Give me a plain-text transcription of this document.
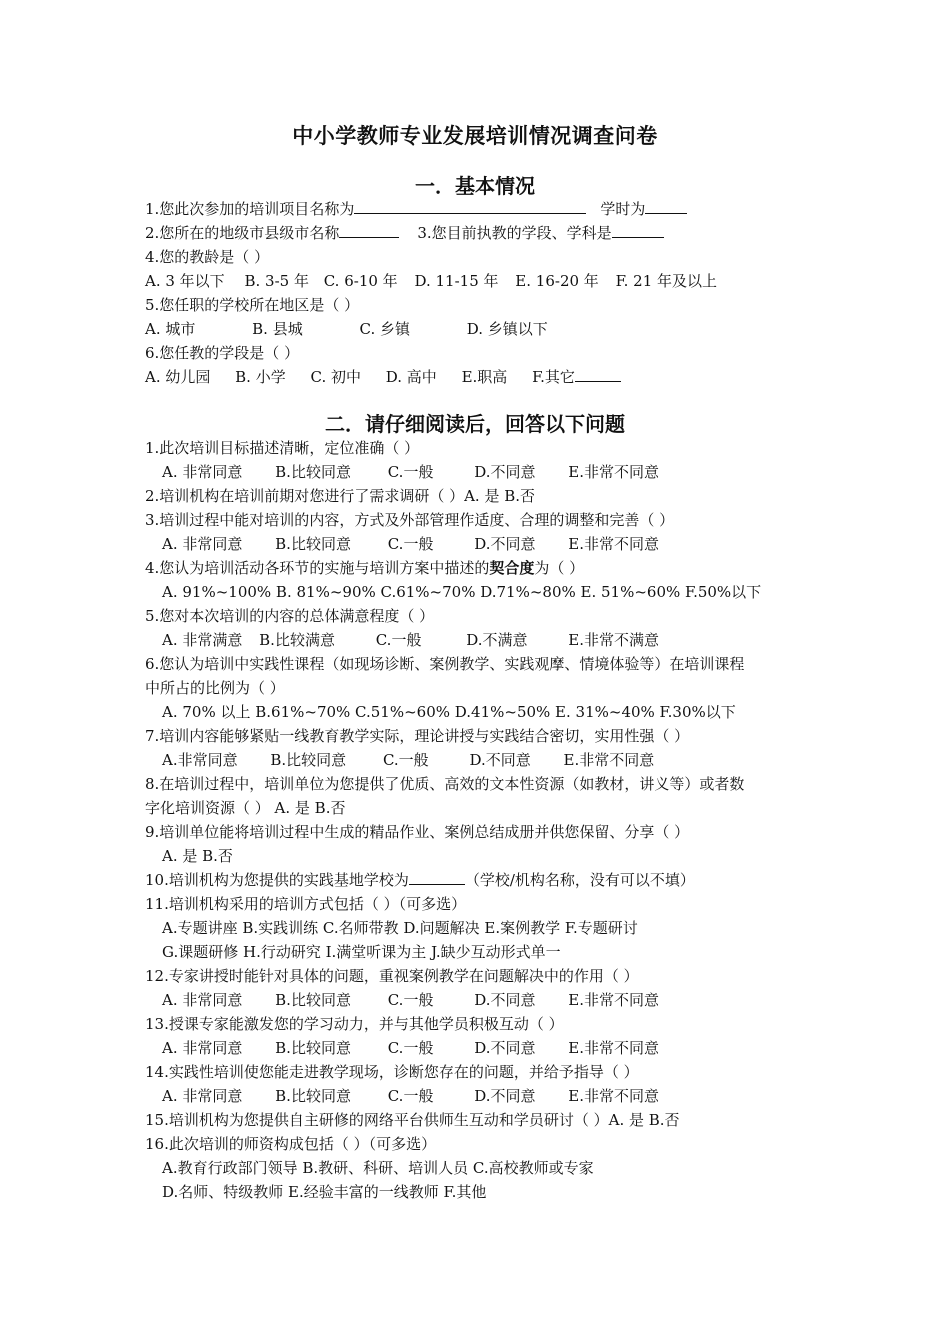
中小学教师专业发展培训情况调查问卷
一．基本情况
1.您此次参加的培训项目名称为	学时为
2.您所在的地级市县级市名称	3.您目前执教的学段、学科是
4.您的教龄是（ ）
A. 3 年以下 B. 3-5 年 C. 6-10 年 D. 11-15 年 E. 16-20 年 F. 21 年及以上
5.您任职的学校所在地区是（ ）
A. 城市	B. 县城	C. 乡镇	D. 乡镇以下
6.您任教的学段是（ ）
A. 幼儿园 B. 小学 C. 初中 D. 高中 E.职高 F.其它
二．请仔细阅读后，回答以下问题
1.此次培训目标描述清晰，定位准确（ ）
A. 非常同意 B.比较同意 C.一般	D.不同意 E.非常不同意
2.培训机构在培训前期对您进行了需求调研（ ）A. 是 B.否
3.培训过程中能对培训的内容，方式及外部管理作适度、合理的调整和完善（ ）
A. 非常同意 B.比较同意 C.一般	D.不同意 E.非常不同意
4.您认为培训活动各环节的实施与培训方案中描述的契合度为（ ）
A. 91%~100% B. 81%~90% C.61%~70% D.71%~80% E. 51%~60% F.50%以下
5.您对本次培训的内容的总体满意程度（ ）
A. 非常满意 B.比较满意	C.一般	D.不满意	E.非常不满意
6.您认为培训中实践性课程（如现场诊断、案例教学、实践观摩、情境体验等）在培训课程
中所占的比例为（ ）
A. 70% 以上 B.61%~70% C.51%~60% D.41%~50% E. 31%~40% F.30%以下
7.培训内容能够紧贴一线教育教学实际，理论讲授与实践结合密切，实用性强（ ）
A.非常同意 B.比较同意 C.一般	D.不同意 E.非常不同意
8.在培训过程中，培训单位为您提供了优质、高效的文本性资源（如教材，讲义等）或者数
字化培训资源（ ） A. 是 B.否
9.培训单位能将培训过程中生成的精品作业、案例总结成册并供您保留、分享（ ）
A. 是 B.否
10.培训机构为您提供的实践基地学校为	（学校/机构名称，没有可以不填）
11.培训机构采用的培训方式包括（ ）（可多选）
A.专题讲座 B.实践训练 C.名师带教 D.问题解决 E.案例教学 F.专题研讨
G.课题研修 H.行动研究 I.满堂听课为主 J.缺少互动形式单一
12.专家讲授时能针对具体的问题，重视案例教学在问题解决中的作用（ ）
A. 非常同意 B.比较同意 C.一般	D.不同意 E.非常不同意
13.授课专家能激发您的学习动力，并与其他学员积极互动（ ）
A. 非常同意 B.比较同意 C.一般	D.不同意 E.非常不同意
14.实践性培训使您能走进教学现场，诊断您存在的问题，并给予指导（ ）
A. 非常同意 B.比较同意 C.一般	D.不同意 E.非常不同意
15.培训机构为您提供自主研修的网络平台供师生互动和学员研讨（ ）A. 是 B.否
16.此次培训的师资构成包括（ ）（可多选）
A.教育行政部门领导 B.教研、科研、培训人员 C.高校教师或专家
D.名师、特级教师 E.经验丰富的一线教师 F.其他
